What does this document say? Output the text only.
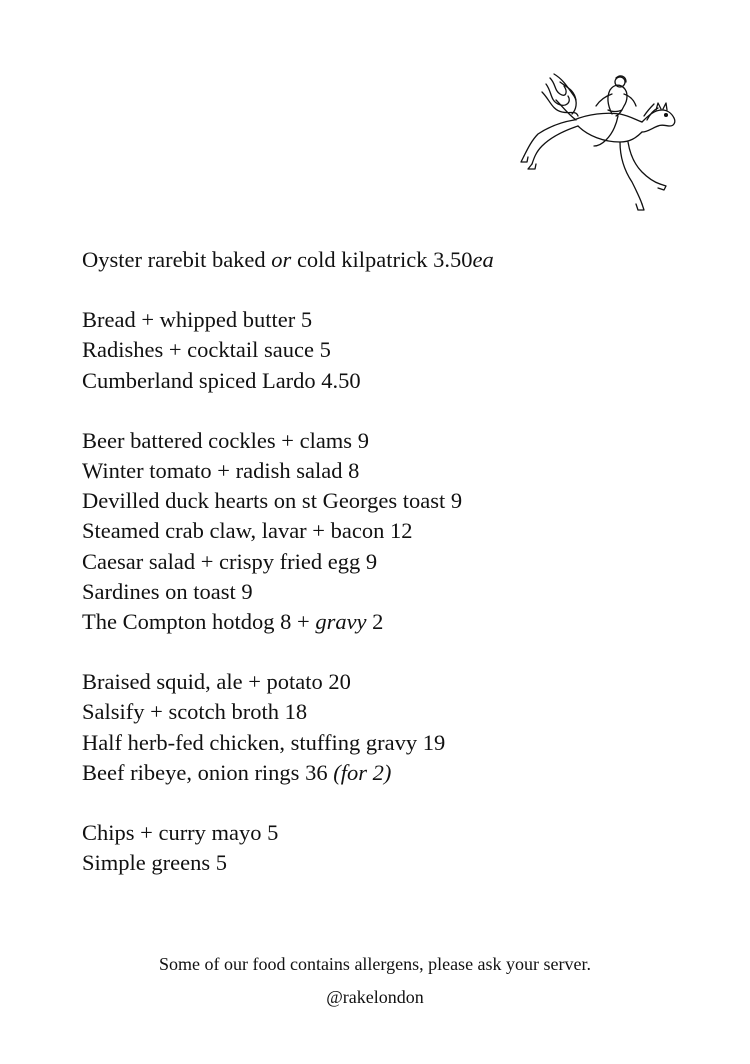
Oyster rarebit baked or cold kilpatrick 3.50ea
Bread + whipped butter 5
Radishes + cocktail sauce 5
Cumberland spiced Lardo 4.50
Beer battered cockles + clams 9
Winter tomato + radish salad 8
Devilled duck hearts on st Georges toast 9
Steamed crab claw, lavar + bacon 12
Caesar salad + crispy fried egg 9
Sardines on toast 9
The Compton hotdog 8 + gravy 2
Braised squid, ale + potato 20
Salsify + scotch broth 18
Half herb-fed chicken, stuffing gravy 19
Beef ribeye, onion rings 36 (for 2)
Chips + curry mayo 5
Simple greens 5
Some of our food contains allergens, please ask your server.
@rakelondon
